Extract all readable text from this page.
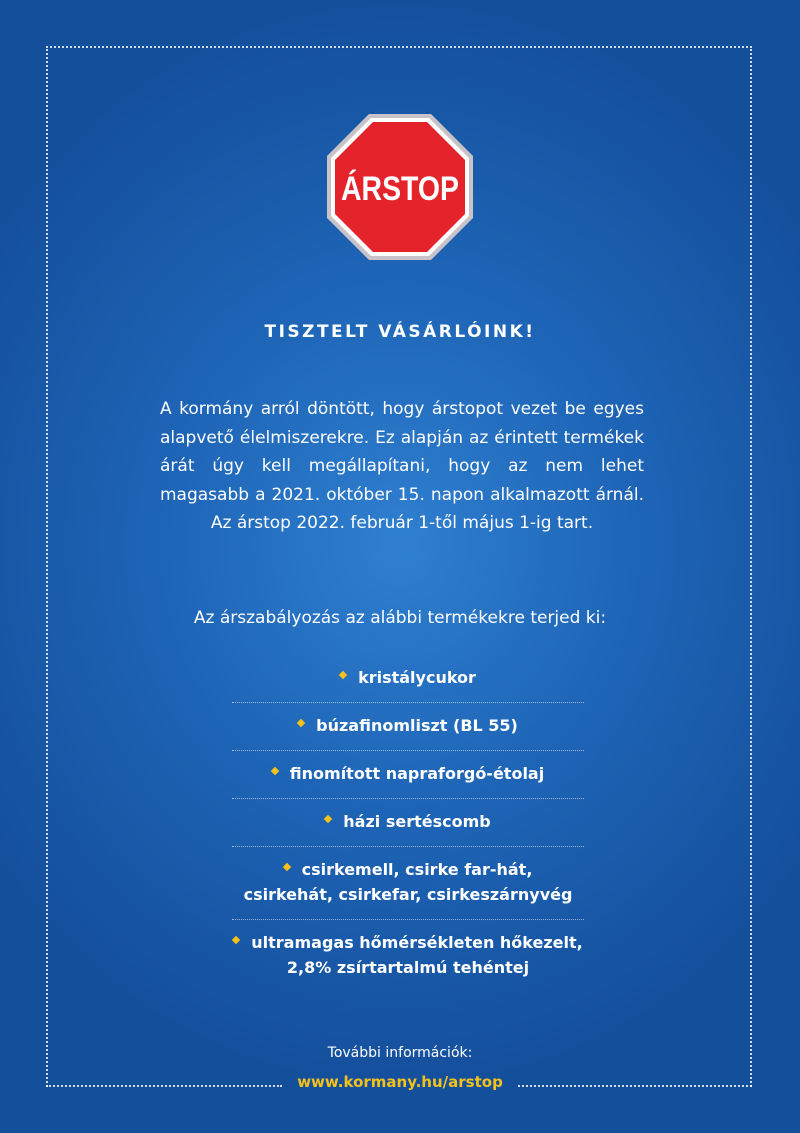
ÁRSTOP
TISZTELT VÁSÁRLÓINK!
A kormány arról döntött, hogy árstopot vezet be egyes alapvető élelmiszerekre. Ez alapján az érintett termékek árát úgy kell megállapítani, hogy az nem lehet magasabb a 2021. október 15. napon alkalmazott árnál. Az árstop 2022. február 1-től május 1-ig tart.
Az árszabályozás az alábbi termékekre terjed ki:
kristálycukor
búzafinomliszt (BL 55)
finomított napraforgó-étolaj
házi sertéscomb
csirkemell, csirke far-hát,
csirkehát, csirkefar, csirkeszárnyvég
ultramagas hőmérsékleten hőkezelt,
2,8% zsírtartalmú tehéntej
További információk:
www.kormany.hu/arstop
